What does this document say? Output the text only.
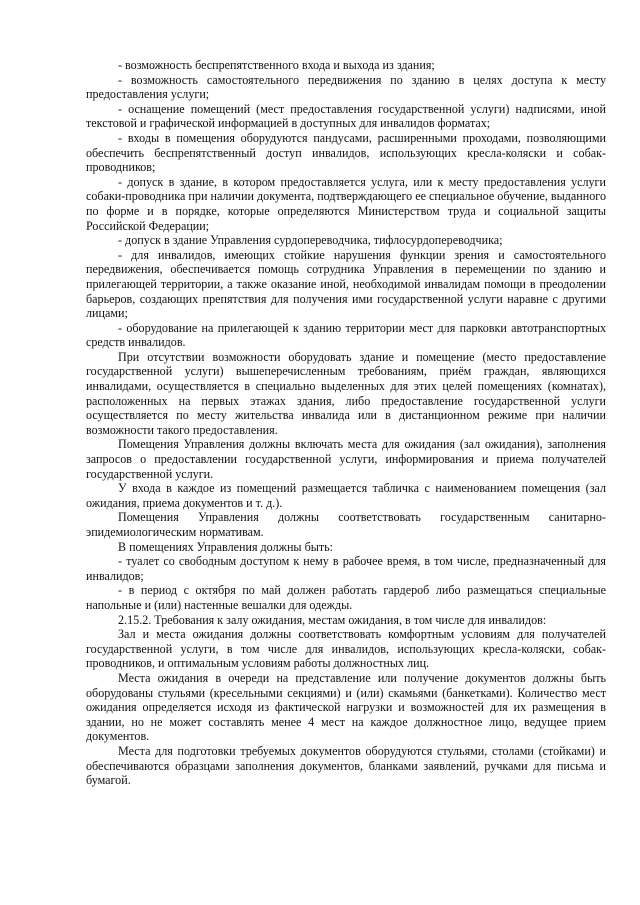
- возможность беспрепятственного входа и выхода из здания;

- возможность самостоятельного передвижения по зданию в целях доступа к месту предоставления услуги;

- оснащение помещений (мест предоставления государственной услуги) надписями, иной текстовой и графической информацией в доступных для инвалидов форматах;

- входы в помещения оборудуются пандусами, расширенными проходами, позволяющими обеспечить беспрепятственный доступ инвалидов, использующих кресла-коляски и собак-проводников;

- допуск в здание, в котором предоставляется услуга, или к месту предоставления услуги собаки-проводника при наличии документа, подтверждающего ее специальное обучение, выданного по форме и в порядке, которые определяются Министерством труда и социальной защиты Российской Федерации;

- допуск в здание Управления сурдопереводчика, тифлосурдопереводчика;

- для инвалидов, имеющих стойкие нарушения функции зрения и самостоятельного передвижения, обеспечивается помощь сотрудника Управления в перемещении по зданию и прилегающей территории, а также оказание иной, необходимой инвалидам помощи в преодолении барьеров, создающих препятствия для получения ими государственной услуги наравне с другими лицами;

- оборудование на прилегающей к зданию территории мест для парковки автотранспортных средств инвалидов.

При отсутствии возможности оборудовать здание и помещение (место предоставление государственной услуги) вышеперечисленным требованиям, приём граждан, являющихся инвалидами, осуществляется в специально выделенных для этих целей помещениях (комнатах), расположенных на первых этажах здания, либо предоставление государственной услуги осуществляется по месту жительства инвалида или в дистанционном режиме при наличии возможности такого предоставления.

Помещения Управления должны включать места для ожидания (зал ожидания), заполнения запросов о предоставлении государственной услуги, информирования и приема получателей государственной услуги.

У входа в каждое из помещений размещается табличка с наименованием помещения (зал ожидания, приема документов и т. д.).

Помещения Управления должны соответствовать государственным санитарно-эпидемиологическим нормативам.

В помещениях Управления должны быть:

- туалет со свободным доступом к нему в рабочее время, в том числе, предназначенный для инвалидов;

- в период с октября по май должен работать гардероб либо размещаться специальные напольные и (или) настенные вешалки для одежды.

2.15.2. Требования к залу ожидания, местам ожидания, в том числе для инвалидов:

Зал и места ожидания должны соответствовать комфортным условиям для получателей государственной услуги, в том числе для инвалидов, использующих кресла-коляски, собак-проводников, и оптимальным условиям работы должностных лиц.

Места ожидания в очереди на представление или получение документов должны быть оборудованы стульями (кресельными секциями) и (или) скамьями (банкетками). Количество мест ожидания определяется исходя из фактической нагрузки и возможностей для их размещения в здании, но не может составлять менее 4 мест на каждое должностное лицо, ведущее прием документов.

Места для подготовки требуемых документов оборудуются стульями, столами (стойками) и обеспечиваются образцами заполнения документов, бланками заявлений, ручками для письма и бумагой.
